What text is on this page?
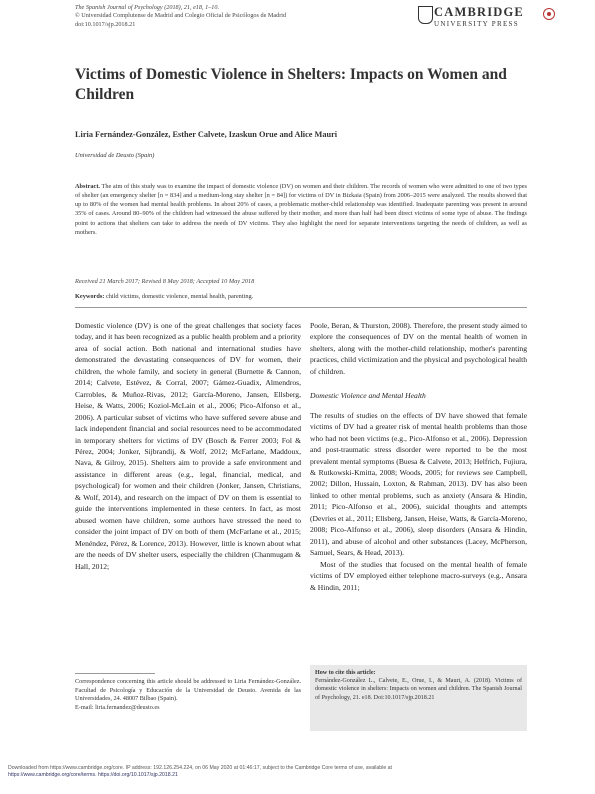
The Spanish Journal of Psychology (2018), 21, e18, 1–10.
© Universidad Complutense de Madrid and Colegio Oficial de Psicólogos de Madrid
doi:10.1017/sjp.2018.21
CAMBRIDGE
UNIVERSITY PRESS
Victims of Domestic Violence in Shelters: Impacts on Women and Children
Liria Fernández-González, Esther Calvete, Izaskun Orue and Alice Mauri
Universidad de Deusto (Spain)
Abstract. The aim of this study was to examine the impact of domestic violence (DV) on women and their children. The records of women who were admitted to one of two types of shelter (an emergency shelter [n = 834] and a medium-long stay shelter [n = 84]) for victims of DV in Bizkaia (Spain) from 2006–2015 were analyzed. The results showed that up to 80% of the women had mental health problems. In about 20% of cases, a problematic mother-child relationship was identified. Inadequate parenting was present in around 35% of cases. Around 80–90% of the children had witnessed the abuse suffered by their mother, and more than half had been direct victims of some type of abuse. The findings point to actions that shelters can take to address the needs of DV victims. They also highlight the need for separate interventions targeting the needs of children, as well as mothers.
Received 21 March 2017; Revised 8 May 2018; Accepted 10 May 2018
Keywords: child victims, domestic violence, mental health, parenting.

Domestic violence (DV) is one of the great challenges that society faces today, and it has been recognized as a public health problem and a priority area of social action. Both national and international studies have demonstrated the devastating consequences of DV for women, their children, the whole family, and society in general (Burnette & Cannon, 2014; Calvete, Estévez, & Corral, 2007; Gámez-Guadix, Almendros, Carrobles, & Muñoz-Rivas, 2012; García-Moreno, Jansen, Ellsberg, Heise, & Watts, 2006; Koziol-McLain et al., 2006; Pico-Alfonso et al., 2006). A particular subset of victims who have suffered severe abuse and lack independent financial and social resources need to be accommodated in temporary shelters for victims of DV (Bosch & Ferrer 2003; Fol & Pérez, 2004; Jonker, Sijbrandij, & Wolf, 2012; McFarlane, Maddoux, Nava, & Gilroy, 2015). Shelters aim to provide a safe environment and assistance in different areas (e.g., legal, financial, medical, and psychological) for women and their children (Jonker, Jansen, Christians, & Wolf, 2014), and research on the impact of DV on them is essential to guide the interventions implemented in these centers. In fact, as most abused women have children, some authors have stressed the need to consider the joint impact of DV on both of them (McFarlane et al., 2015; Menéndez, Pérez, & Lorence, 2013). However, little is known about what are the needs of DV shelter users, especially the children (Chanmugam & Hall, 2012;

Poole, Beran, & Thurston, 2008). Therefore, the present study aimed to explore the consequences of DV on the mental health of women in shelters, along with the mother-child relationship, mother's parenting practices, child victimization and the physical and psychological health of children.

Domestic Violence and Mental Health

The results of studies on the effects of DV have showed that female victims of DV had a greater risk of mental health problems than those who had not been victims (e.g., Pico-Alfonso et al., 2006). Depression and post-traumatic stress disorder were reported to be the most prevalent mental symptoms (Buesa & Calvete, 2013; Helfrich, Fujiura, & Rutkowski-Kmitta, 2008; Woods, 2005; for reviews see Campbell, 2002; Dillon, Hussain, Loxton, & Rahman, 2013). DV has also been linked to other mental problems, such as anxiety (Ansara & Hindin, 2011; Pico-Alfonso et al., 2006), suicidal thoughts and attempts (Devries et al., 2011; Ellsberg, Jansen, Heise, Watts, & García-Moreno, 2008; Pico-Alfonso et al., 2006), sleep disorders (Ansara & Hindin, 2011), and abuse of alcohol and other substances (Lacey, McPherson, Samuel, Sears, & Head, 2013).

Most of the studies that focused on the mental health of female victims of DV employed either telephone macro-surveys (e.g., Ansara & Hindin, 2011;

Correspondence concerning this article should be addressed to Liria Fernández-González. Facultad de Psicología y Educación de la Universidad de Deusto. Avenida de las Universidades, 24. 48007 Bilbao (Spain).
E-mail: liria.fernandez@deusto.es
How to cite this article:
Fernández-González L., Calvete, E., Orue, I., & Mauri, A. (2018). Victims of domestic violence in shelters: Impacts on women and children. The Spanish Journal of Psychology, 21. e18. Doi:10.1017/sjp.2018.21
Downloaded from https://www.cambridge.org/core. IP address: 192.126.254.224, on 06 May 2020 at 01:46:17, subject to the Cambridge Core terms of use, available at
https://www.cambridge.org/core/terms. https://doi.org/10.1017/sjp.2018.21
